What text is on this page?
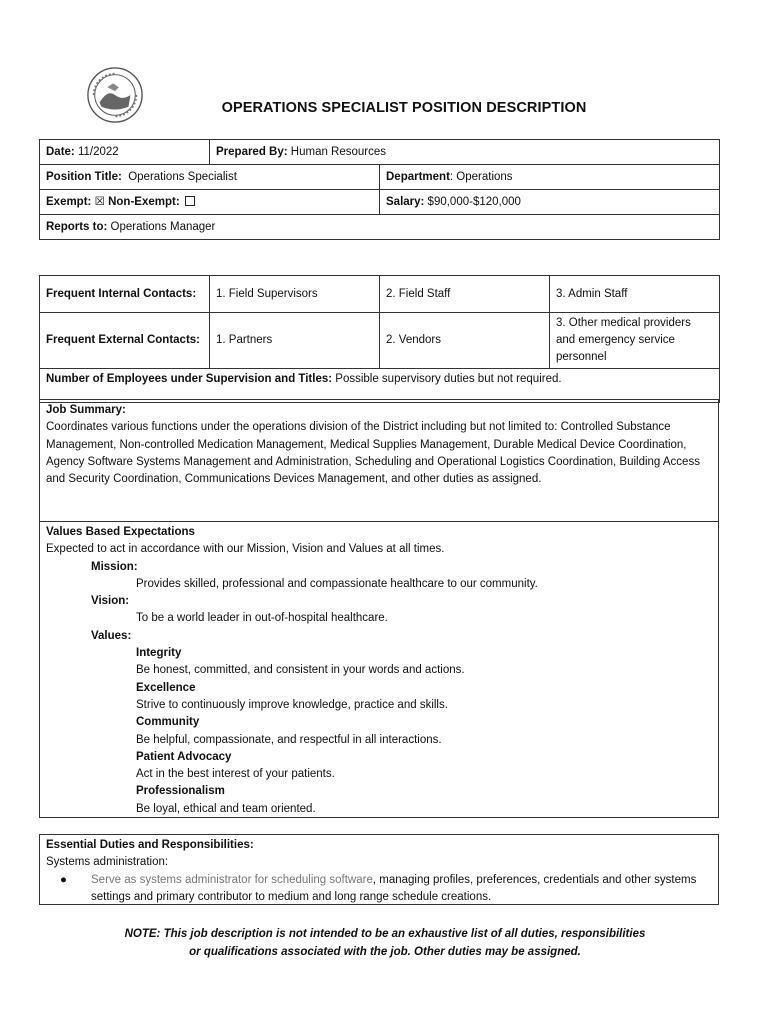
OPERATIONS SPECIALIST POSITION DESCRIPTION
Date: 11/2022	Prepared By: Human Resources	
Position Title:  Operations Specialist		Department: Operations
Exempt: ☒ Non-Exempt:		Salary: $90,000-$120,000
Reports to: Operations Manager		
Frequent Internal Contacts:	1. Field Supervisors	2. Field Staff	3. Admin Staff
Frequent External Contacts:	1. Partners	2. Vendors	3. Other medical providers and emergency service personnel
Number of Employees under Supervision and Titles: Possible supervisory duties but not required.			
Job Summary:
Coordinates various functions under the operations division of the District including but not limited to: Controlled Substance Management, Non-controlled Medication Management, Medical Supplies Management, Durable Medical Device Coordination, Agency Software Systems Management and Administration, Scheduling and Operational Logistics Coordination, Building Access and Security Coordination, Communications Devices Management, and other duties as assigned.
Values Based Expectations
Expected to act in accordance with our Mission, Vision and Values at all times.
Mission:
Provides skilled, professional and compassionate healthcare to our community.
Vision:
To be a world leader in out-of-hospital healthcare.
Values:
Integrity
Be honest, committed, and consistent in your words and actions.
Excellence
Strive to continuously improve knowledge, practice and skills.
Community
Be helpful, compassionate, and respectful in all interactions.
Patient Advocacy
Act in the best interest of your patients.
Professionalism
Be loyal, ethical and team oriented.
Essential Duties and Responsibilities:
Systems administration:
●	Serve as systems administrator for scheduling software, managing profiles, preferences, credentials and other systems settings and primary contributor to medium and long range schedule creations.
NOTE: This job description is not intended to be an exhaustive list of all duties, responsibilities
or qualifications associated with the job. Other duties may be assigned.
